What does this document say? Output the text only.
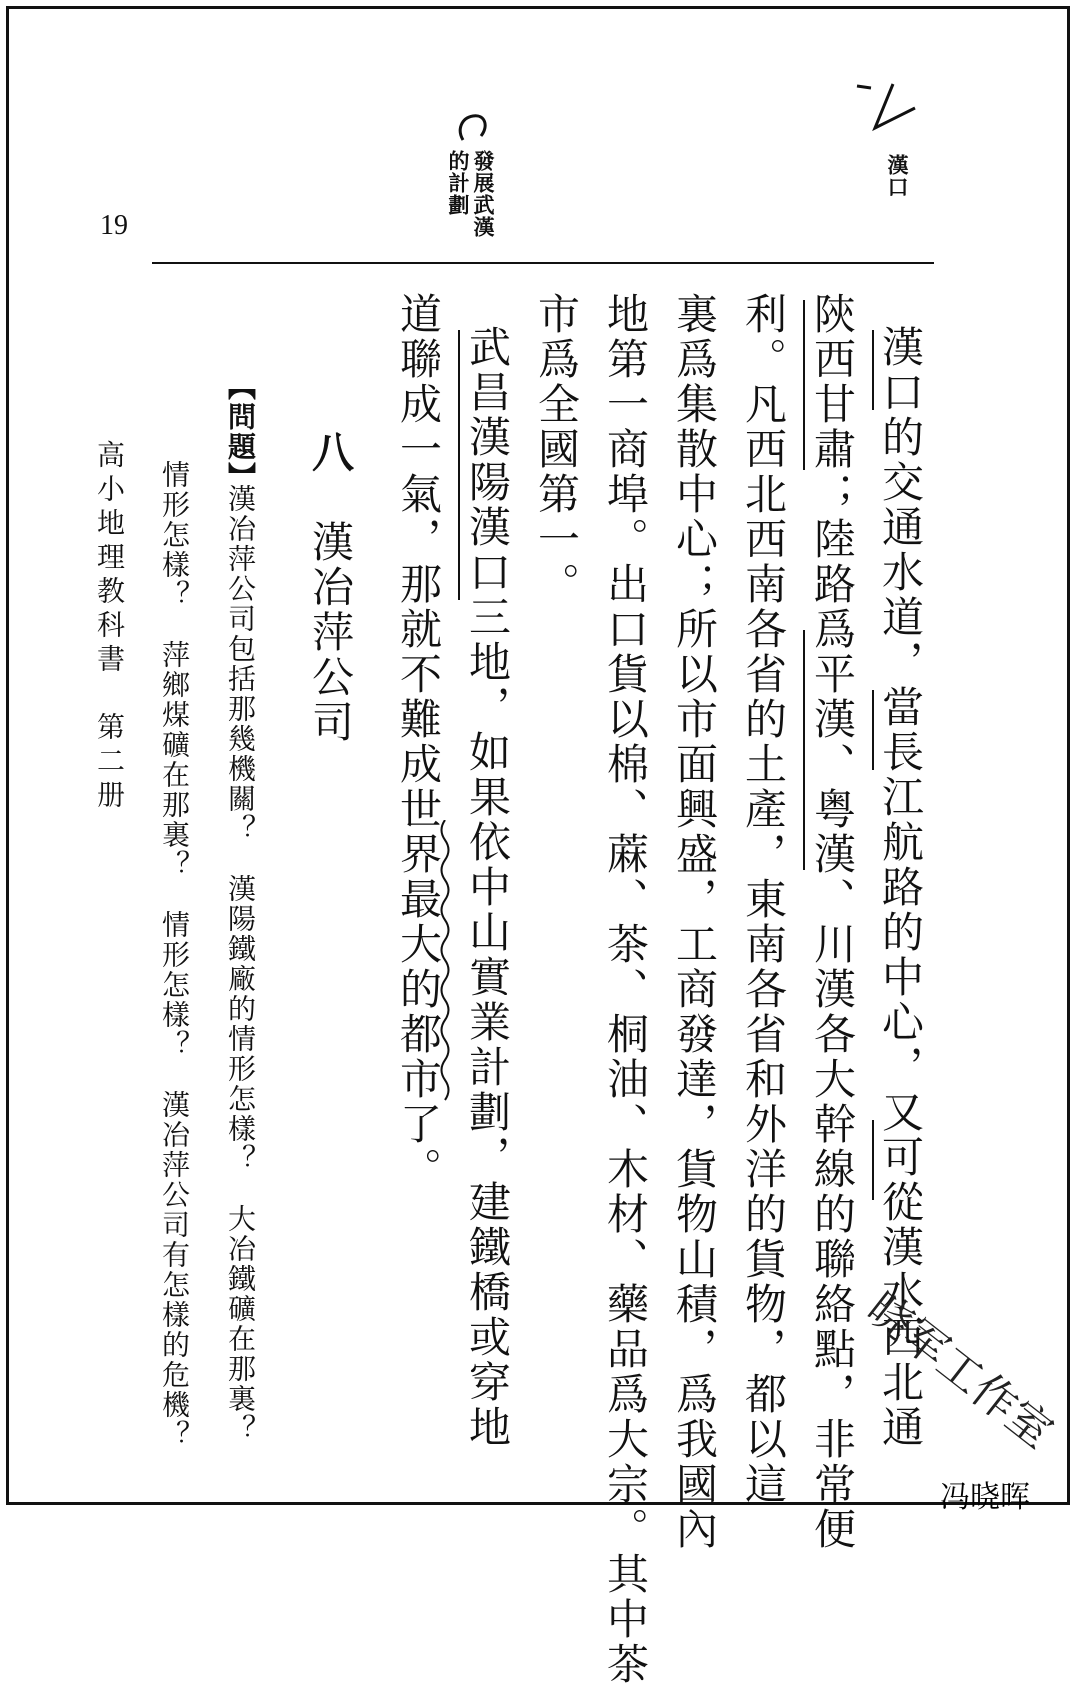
19	發展武漢
的計劃	漢口
漢口的交通水道，當長江航路的中心，又可從漢水西北通
陝西甘肅；陸路爲平漢、粤漢、川漢各大幹線的聯絡點，非常便
利。凡西北西南各省的土產，東南各省和外洋的貨物，都以這
裏爲集散中心；所以市面興盛，工商發達，貨物山積，爲我國內
地第一商埠。出口貨以棉、蔴、茶、桐油、木材、藥品爲大宗。其中茶
市爲全國第一。
武昌漢陽漢口三地，如果依中山實業計劃，建鐵橋或穿地
道聯成一氣，那就不難成世界最大的都市了。
八
漢冶萍公司
【問題】
漢冶萍公司包括那幾機關？　漢陽鐵廠的情形怎樣？　大冶鐵礦在那裏？
情形怎樣？　萍鄉煤礦在那裏？　情形怎樣？　漢冶萍公司有怎樣的危機？
高小地理教科書　第二册
晓军工作室
冯晓晖
